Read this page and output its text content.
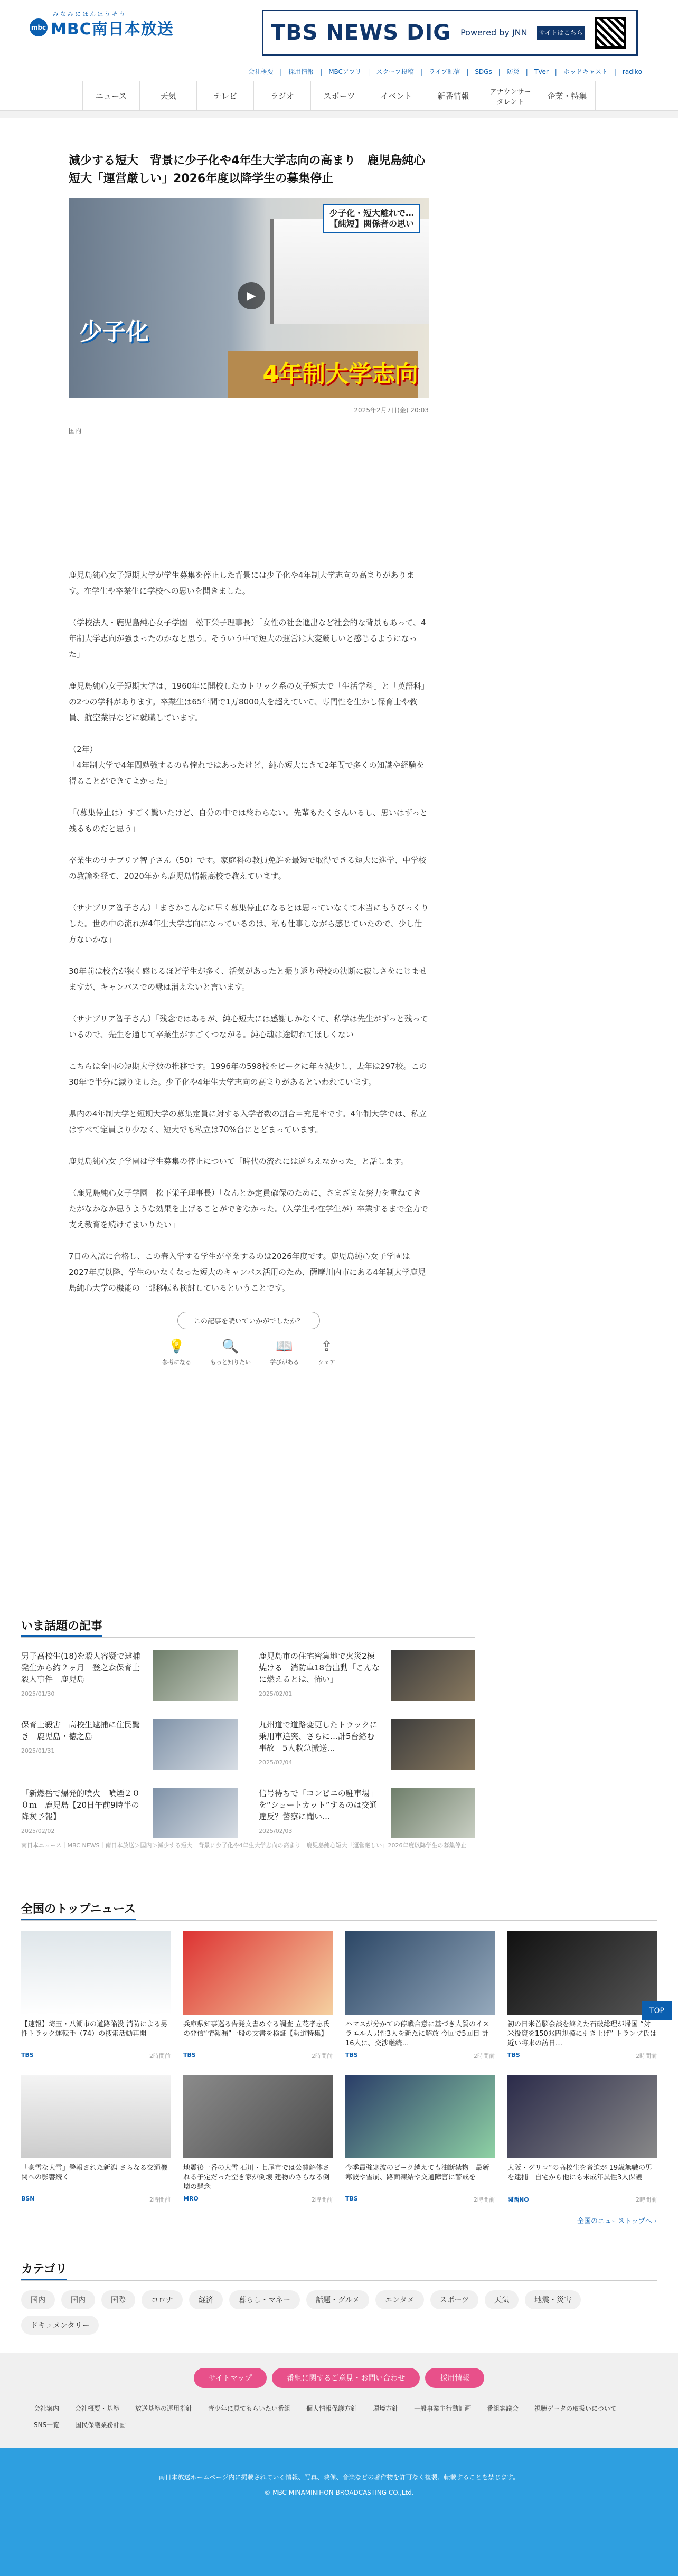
みなみにほんほうそう
mbc MBC南日本放送	TBS NEWS DIG Powered by JNN	サイトはこちら
会社概要	|	採用情報	|	MBCアプリ	|	スクープ投稿	|	ライブ配信	|	SDGs	|	防災	|	TVer	|	ポッドキャスト	|	radiko
ニュース	天気	テレビ	ラジオ	スポーツ	イベント	新番情報	アナウンサー
タレント
企業・特集
減少する短大　背景に少子化や4年生大学志向の高まり　鹿児島純心短大「運営厳しい」2026年度以降学生の募集停止
少子化・短大離れで…
【純短】関係者の思い
少子化
4年制大学志向
▶
2025年2月7日(金) 20:03
国内

鹿児島純心女子短期大学が学生募集を停止した背景には少子化や4年制大学志向の高まりがあります。在学生や卒業生に学校への思いを聞きました。

（学校法人・鹿児島純心女子学園　松下栄子理事長）「女性の社会進出など社会的な背景もあって、4年制大学志向が強まったのかなと思う。そういう中で短大の運営は大変厳しいと感じるようになった」

鹿児島純心女子短期大学は、1960年に開校したカトリック系の女子短大で「生活学科」と「英語科」の2つの学科があります。卒業生は65年間で1万8000人を超えていて、専門性を生かし保育士や教員、航空業界などに就職しています。

（2年）
「4年制大学で4年間勉強するのも憧れではあったけど、純心短大にきて2年間で多くの知識や経験を得ることができてよかった」

「(募集停止は）すごく驚いたけど、自分の中では終わらない。先輩もたくさんいるし、思いはずっと残るものだと思う」

卒業生のサナブリア智子さん（50）です。家庭科の教員免許を最短で取得できる短大に進学、中学校の教諭を経て、2020年から鹿児島情報高校で教えています。

（サナブリア智子さん）「まさかこんなに早く募集停止になるとは思っていなくて本当にもうびっくりした。世の中の流れが4年生大学志向になっているのは、私も仕事しながら感じていたので、少し仕方ないかな」

30年前は校舎が狭く感じるほど学生が多く、活気があったと振り返り母校の決断に寂しさをにじませますが、キャンパスでの縁は消えないと言います。

（サナブリア智子さん）「残念ではあるが、純心短大には感謝しかなくて、私学は先生がずっと残っているので、先生を通じて卒業生がすごくつながる。純心魂は途切れてほしくない」

こちらは全国の短期大学数の推移です。1996年の598校をピークに年々減少し、去年は297校。この30年で半分に減りました。少子化や4年生大学志向の高まりがあるといわれています。

県内の4年制大学と短期大学の募集定員に対する入学者数の割合＝充足率です。4年制大学では、私立はすべて定員より少なく、短大でも私立は70%台にとどまっています。

鹿児島純心女子学園は学生募集の停止について「時代の流れには逆らえなかった」と話します。

（鹿児島純心女子学園　松下栄子理事長）「なんとか定員確保のために、さまざまな努力を重ねてきたがなかなか思うような効果を上げることができなかった。(入学生や在学生が）卒業するまで全力で支え教育を続けてまいりたい」

7日の入試に合格し、この春入学する学生が卒業するのは2026年度です。鹿児島純心女子学園は2027年度以降、学生のいなくなった短大のキャンパス活用のため、薩摩川内市にある4年制大学鹿児島純心大学の機能の一部移転も検討しているということです。

この記事を読いていかがでしたか？
💡
参考になる
🔍
もっと知りたい
📖
学びがある
⇪
シェア
いま話題の記事
男子高校生(18)を殺人容疑で逮捕　発生から約２ヶ月　登之森保育士殺人事件　鹿児島
2025/01/30
鹿児島市の住宅密集地で火災2棟焼ける　消防車18台出動「こんなに燃えるとは、怖い」
2025/02/01
保育士殺害　高校生逮捕に住民驚き　鹿児島・徳之島
2025/01/31
九州道で道路変更したトラックに乗用車追突、さらに…計5台絡む事故　5人救急搬送…
2025/02/04
「新燃岳で爆発的噴火　噴煙２００ｍ　鹿児島【20日午前9時半の降灰予報】
2025/02/02
信号待ちで「コンビニの駐車場」を“ショートカット”するのは交通違反？警察に聞い…
2025/02/03
南日本ニュース｜MBC NEWS｜南日本放送＞国内＞減少する短大　背景に少子化や4年生大学志向の高まり　鹿児島純心短大「運営厳しい」2026年度以降学生の募集停止
全国のトップニュース
【速報】埼玉・八潮市の道路陥没 消防による男性トラック運転手（74）の捜索活動再開
TBS	2時間前
兵庫県知事巡る告発文書めぐる調査 立花孝志氏の発信“情報漏”一般の文書を検証【報道特集】
TBS	2時間前
ハマスが分かての停戦合意に基づき人質のイスラエル人男性3人を新たに解放 今回で5回目 計16人に、交渉継続…
TBS	2時間前
初の日米首脳会談を終えた石破総理が帰国 “対米投資を150兆円規模に引き上げ” トランプ氏は近い将来の訪日…
TBS	2時間前
「豪雪な大雪」警報された新潟 さらなる交通機関への影響続く
BSN	2時間前
地震後一番の大雪 石川・七尾市では公費解体される予定だった空き家が倒壊 建物のさらなる倒壊の懸念
MRO	2時間前
今季最強寒波のピーク越えても油断禁物　最新寒波や雪崩、路面凍結や交通障害に警戒を
TBS	2時間前
大阪・グリコ”の高校生を脅迫が 19歳無職の男を逮捕　自宅から他にも未成年異性3人保護
関西NO	2時間前
全国のニューストップへ ›
TOP
カテゴリ
国内	国内	国際	コロナ	経済	暮らし・マネー	話題・グルメ	エンタメ	スポーツ	天気	地震・災害
ドキュメンタリー
サイトマップ	番組に関するご意見・お問い合わせ	採用情報
会社案内	会社概要・基準	放送基準の運用指針	青少年に見てもらいたい番組	個人情報保護方針	環境方針	一般事業主行動計画	番組審議会	視聴データの取扱いについて
SNS一覧	国民保護業務計画
南日本放送ホームページ内に掲載されている情報、写真、映像、音楽などの著作物を許可なく複製、転載することを禁じます。
© MBC MINAMINIHON BROADCASTING CO.,Ltd.
